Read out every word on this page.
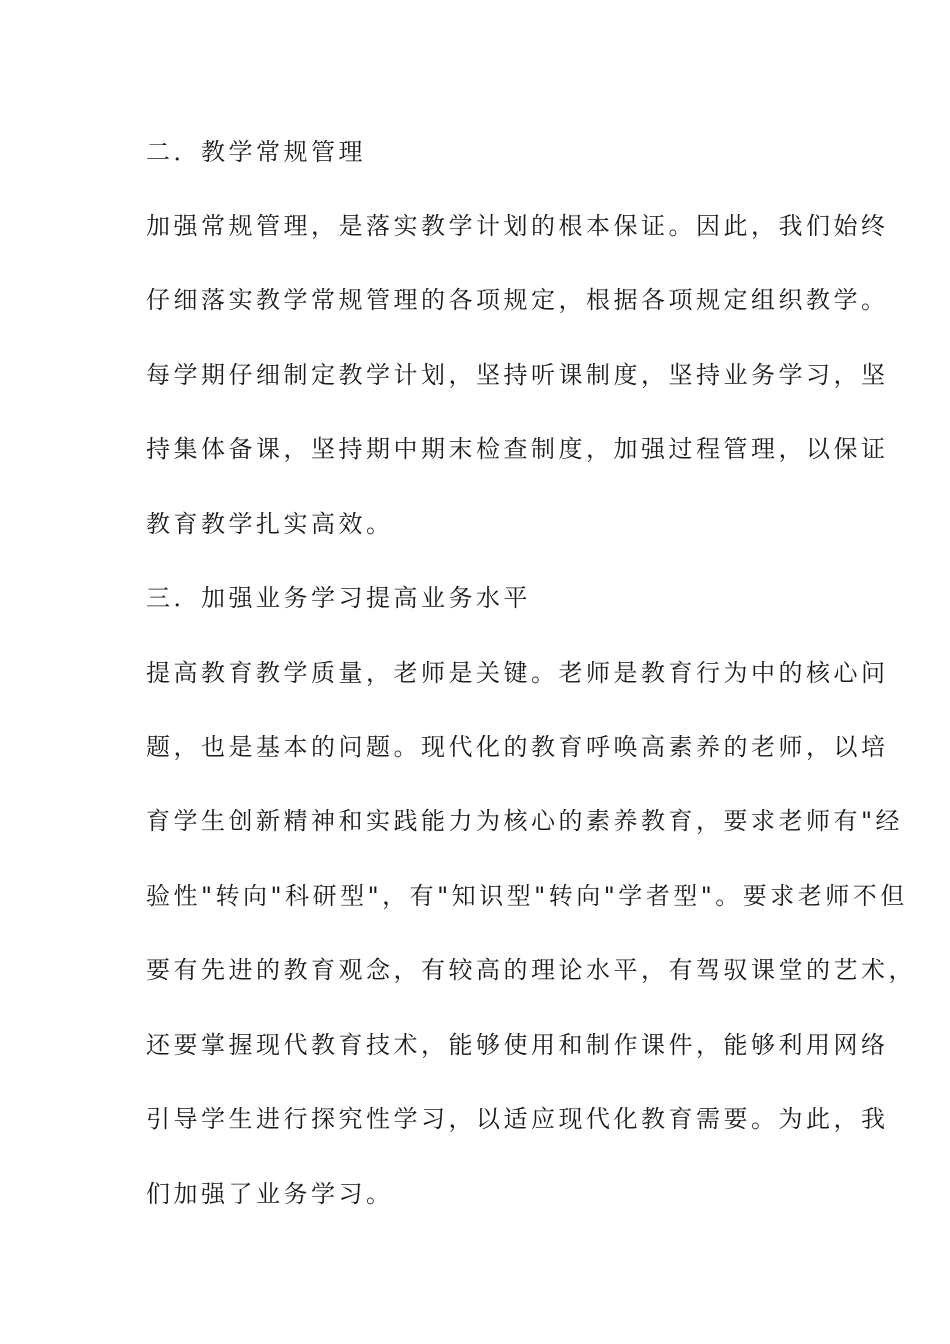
二．教学常规管理

加强常规管理，是落实教学计划的根本保证。因此，我们始终

仔细落实教学常规管理的各项规定，根据各项规定组织教学。

每学期仔细制定教学计划，坚持听课制度，坚持业务学习，坚

持集体备课，坚持期中期末检查制度，加强过程管理，以保证

教育教学扎实高效。

三．加强业务学习提高业务水平

提高教育教学质量，老师是关键。老师是教育行为中的核心问

题，也是基本的问题。现代化的教育呼唤高素养的老师，以培

育学生创新精神和实践能力为核心的素养教育，要求老师有"经

验性"转向"科研型"，有"知识型"转向"学者型"。要求老师不但

要有先进的教育观念，有较高的理论水平，有驾驭课堂的艺术，

还要掌握现代教育技术，能够使用和制作课件，能够利用网络

引导学生进行探究性学习，以适应现代化教育需要。为此，我

们加强了业务学习。
